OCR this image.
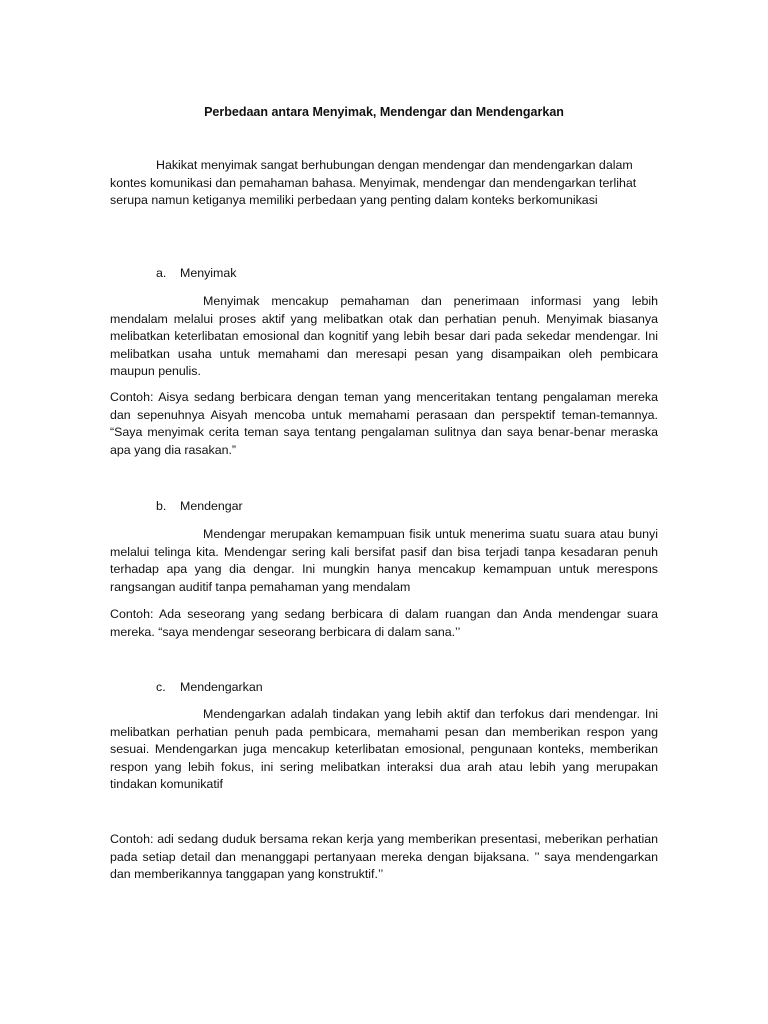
Perbedaan antara Menyimak, Mendengar dan Mendengarkan

Hakikat menyimak sangat berhubungan dengan mendengar dan mendengarkan dalam kontes komunikasi dan pemahaman bahasa. Menyimak, mendengar dan mendengarkan terlihat serupa namun ketiganya memiliki perbedaan yang penting dalam konteks berkomunikasi

a. Menyimak

Menyimak mencakup pemahaman dan penerimaan informasi yang lebih mendalam melalui proses aktif yang melibatkan otak dan perhatian penuh. Menyimak biasanya melibatkan keterlibatan emosional dan kognitif yang lebih besar dari pada sekedar mendengar. Ini melibatkan usaha untuk memahami dan meresapi pesan yang disampaikan oleh pembicara maupun penulis.

Contoh: Aisya sedang berbicara dengan teman yang menceritakan tentang pengalaman mereka dan sepenuhnya Aisyah mencoba untuk memahami perasaan dan perspektif teman-temannya. “Saya menyimak cerita teman saya tentang pengalaman sulitnya dan saya benar-benar meraska apa yang dia rasakan.”

b. Mendengar

Mendengar merupakan kemampuan fisik untuk menerima suatu suara atau bunyi melalui telinga kita. Mendengar sering kali bersifat pasif dan bisa terjadi tanpa kesadaran penuh terhadap apa yang dia dengar. Ini mungkin hanya mencakup kemampuan untuk merespons rangsangan auditif tanpa pemahaman yang mendalam

Contoh: Ada seseorang yang sedang berbicara di dalam ruangan dan Anda mendengar suara mereka. “saya mendengar seseorang berbicara di dalam sana.’’

c. Mendengarkan

Mendengarkan adalah tindakan yang lebih aktif dan terfokus dari mendengar. Ini melibatkan perhatian penuh pada pembicara, memahami pesan dan memberikan respon yang sesuai. Mendengarkan juga mencakup keterlibatan emosional, pengunaan konteks, memberikan respon yang lebih fokus, ini sering melibatkan interaksi dua arah atau lebih yang merupakan tindakan komunikatif

Contoh: adi sedang duduk bersama rekan kerja yang memberikan presentasi, meberikan perhatian pada setiap detail dan menanggapi pertanyaan mereka dengan bijaksana. ’’ saya mendengarkan dan memberikannya tanggapan yang konstruktif.’’
